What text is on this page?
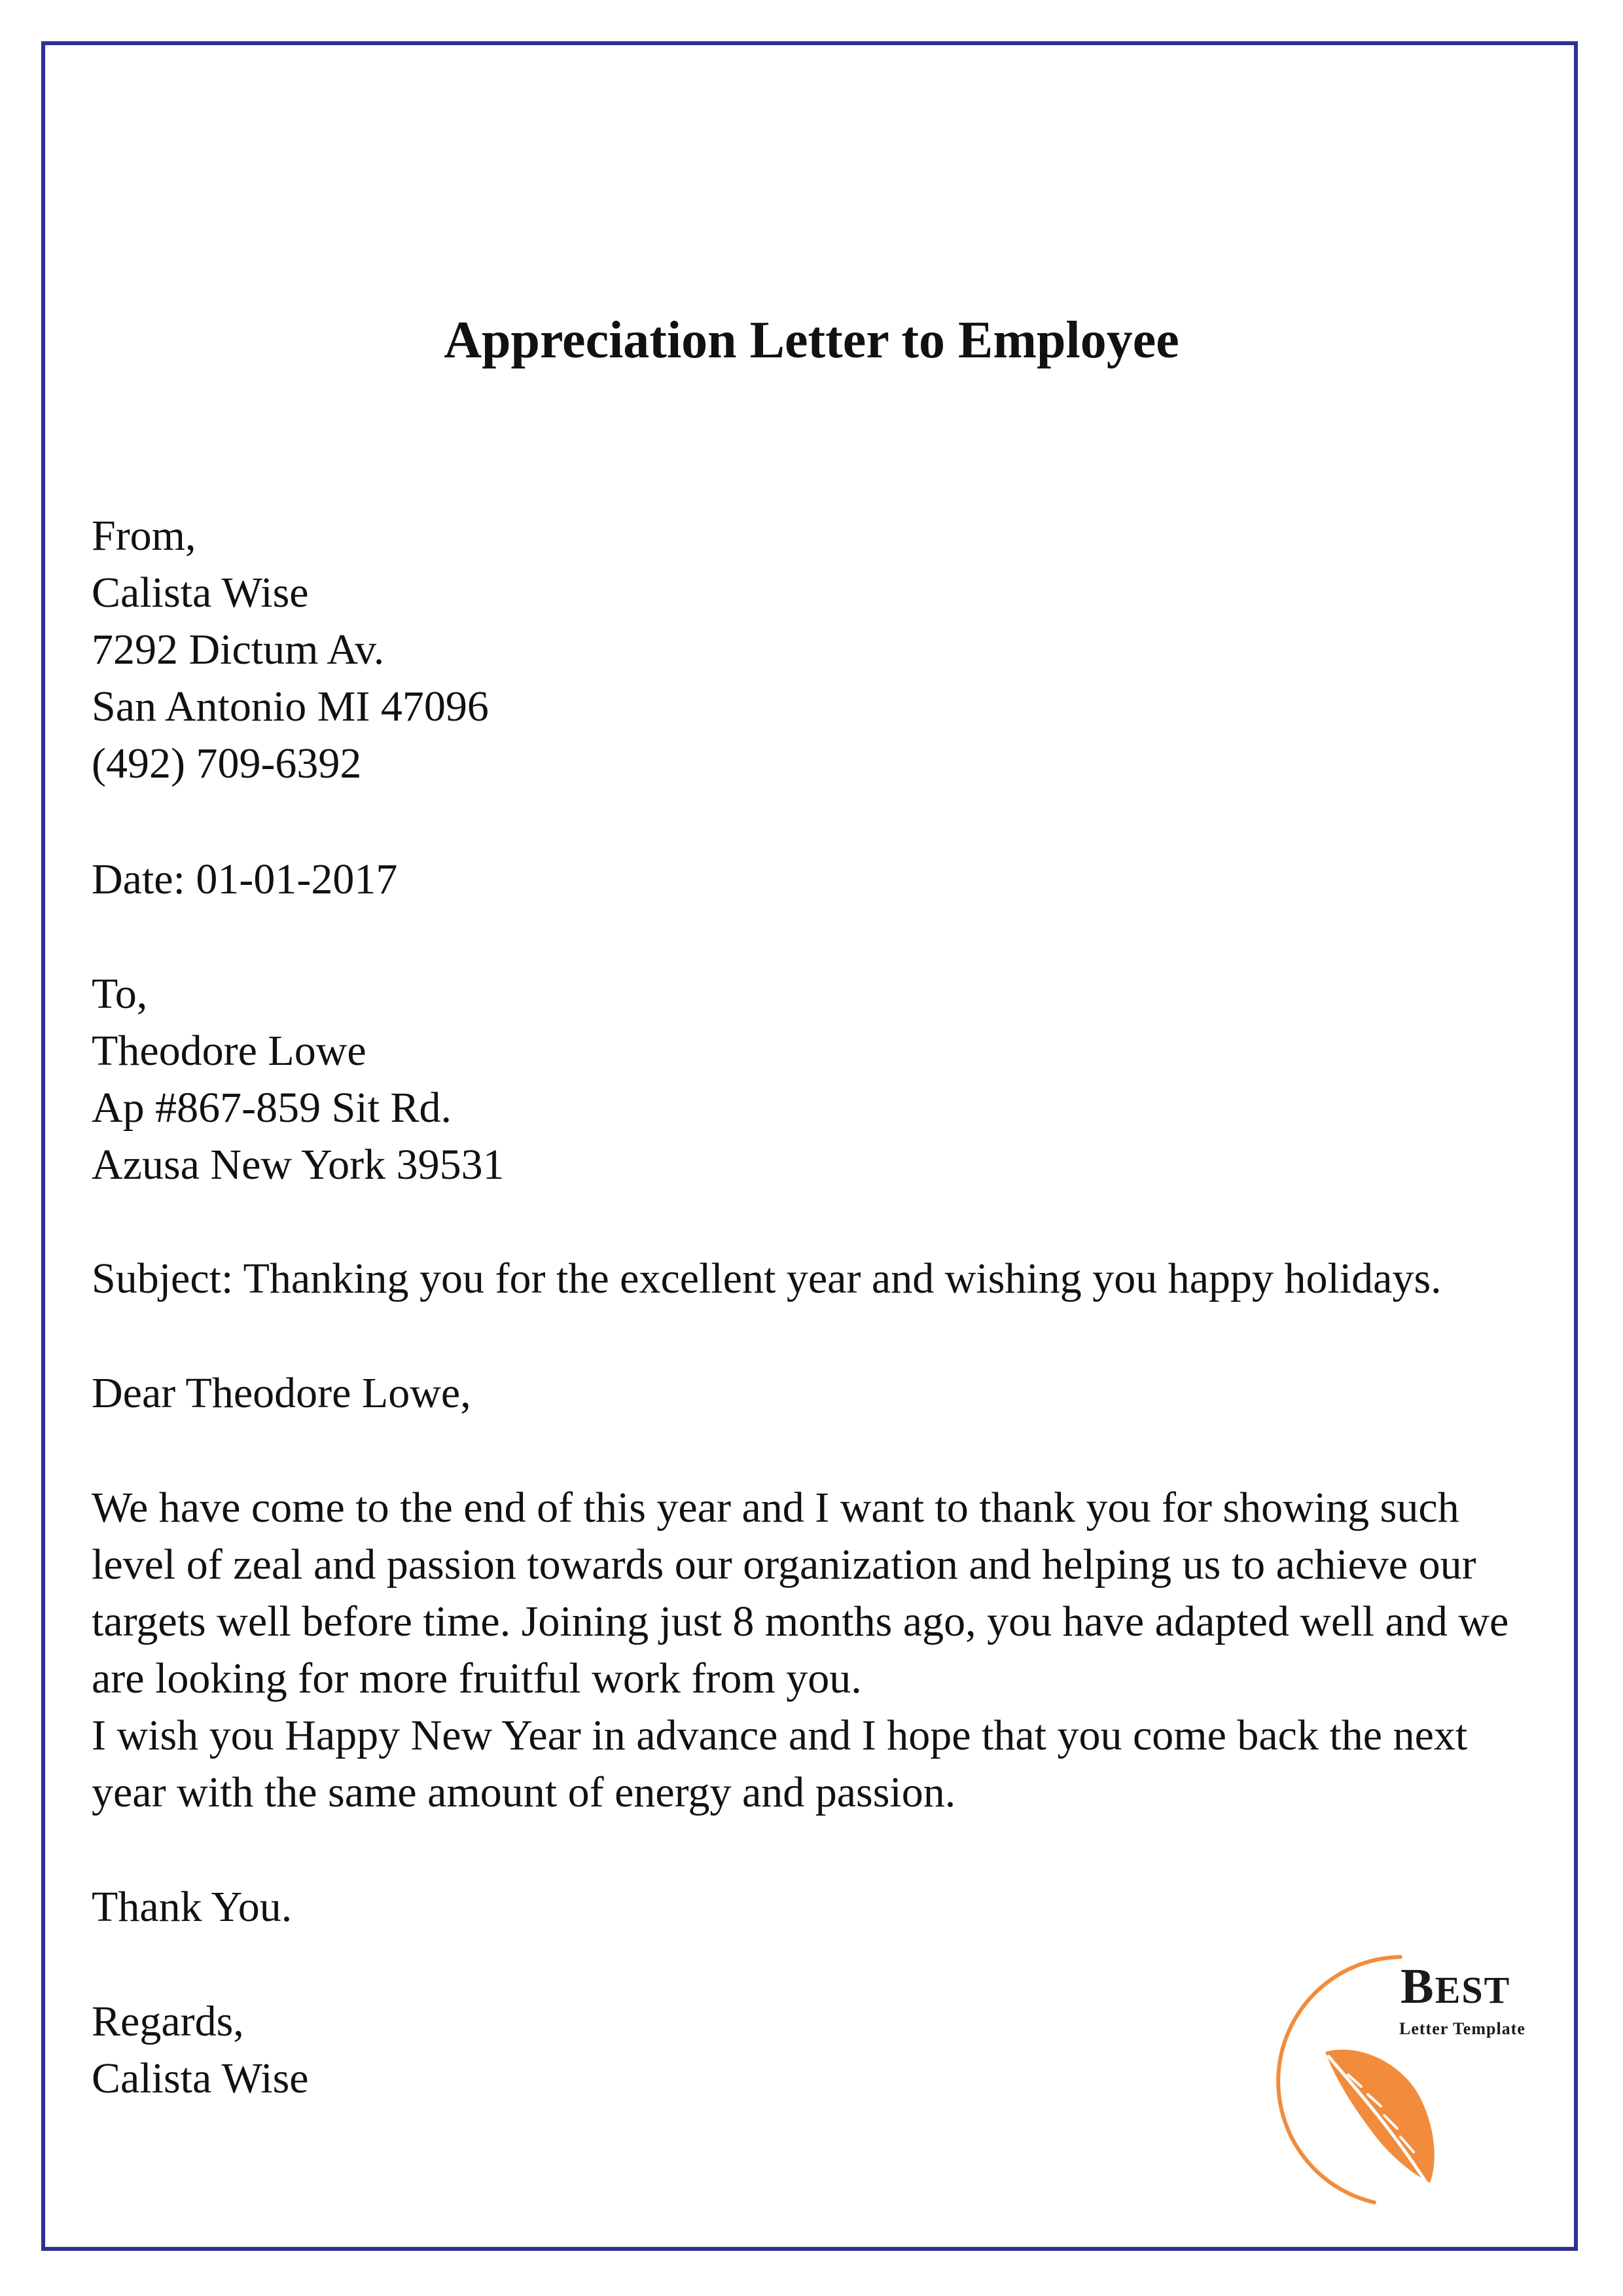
Appreciation Letter to Employee
From,
Calista Wise
7292 Dictum Av.
San Antonio MI 47096
(492) 709-6392
Date: 01-01-2017
To,
Theodore Lowe
Ap #867-859 Sit Rd.
Azusa New York 39531
Subject: Thanking you for the excellent year and wishing you happy holidays.
Dear Theodore Lowe,
We have come to the end of this year and I want to thank you for showing such
level of zeal and passion towards our organization and helping us to achieve our
targets well before time. Joining just 8 months ago, you have adapted well and we
are looking for more fruitful work from you.
I wish you Happy New Year in advance and I hope that you come back the next
year with the same amount of energy and passion.
Thank You.
Regards,
Calista Wise
BEST
Letter Template
